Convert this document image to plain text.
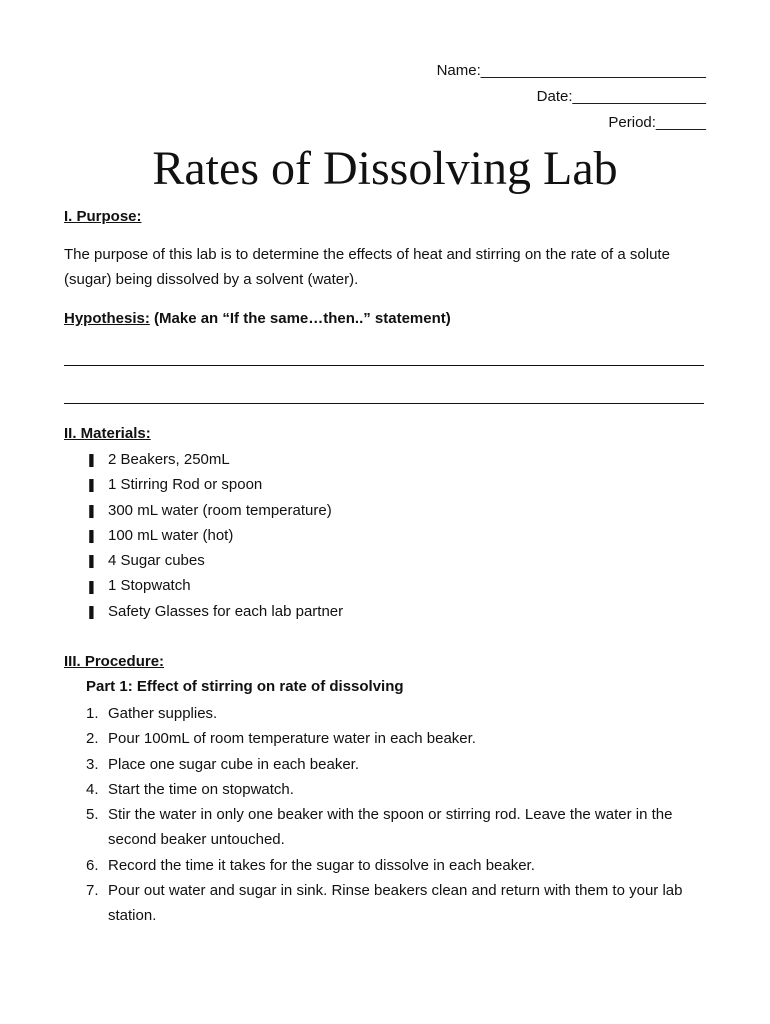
Name:___________________________
Date:________________
Period:______
Rates of Dissolving Lab
I. Purpose:
The purpose of this lab is to determine the effects of heat and stirring on the rate of a solute (sugar) being dissolved by a solvent (water).
Hypothesis: (Make an “If the same…then..” statement)
II. Materials:
❚ 2 Beakers, 250mL
❚ 1 Stirring Rod or spoon
❚ 300 mL water (room temperature)
❚ 100 mL water (hot)
❚ 4 Sugar cubes
❚ 1 Stopwatch
❚ Safety Glasses for each lab partner
III. Procedure:
Part 1: Effect of stirring on rate of dissolving
1. Gather supplies.
2. Pour 100mL of room temperature water in each beaker.
3. Place one sugar cube in each beaker.
4. Start the time on stopwatch.
5. Stir the water in only one beaker with the spoon or stirring rod. Leave the water in the second beaker untouched.
6. Record the time it takes for the sugar to dissolve in each beaker.
7. Pour out water and sugar in sink. Rinse beakers clean and return with them to your lab station.
